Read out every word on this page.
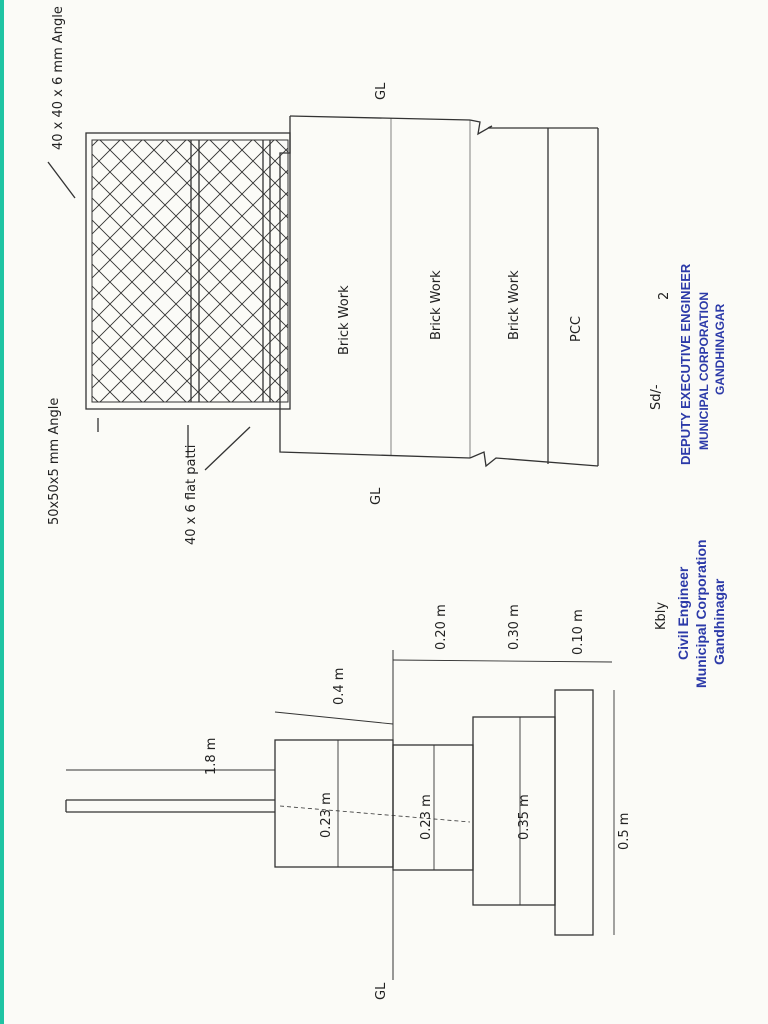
40 x 40 x 6 mm Angle
50x50x5 mm Angle	40 x 6 flat patti
Brick Work	Brick Work	Brick Work	PCC
GL
GL
1.8 m
0.4 m
0.20 m	0.30 m	0.10 m
0.23 m	0.23 m	0.35 m	0.5 m
GL
Sd/-
2 DEPUTY EXECUTIVE ENGINEER MUNICIPAL CORPORATION GANDHINAGAR
Kbly Civil Engineer Municipal Corporation Gandhinagar
